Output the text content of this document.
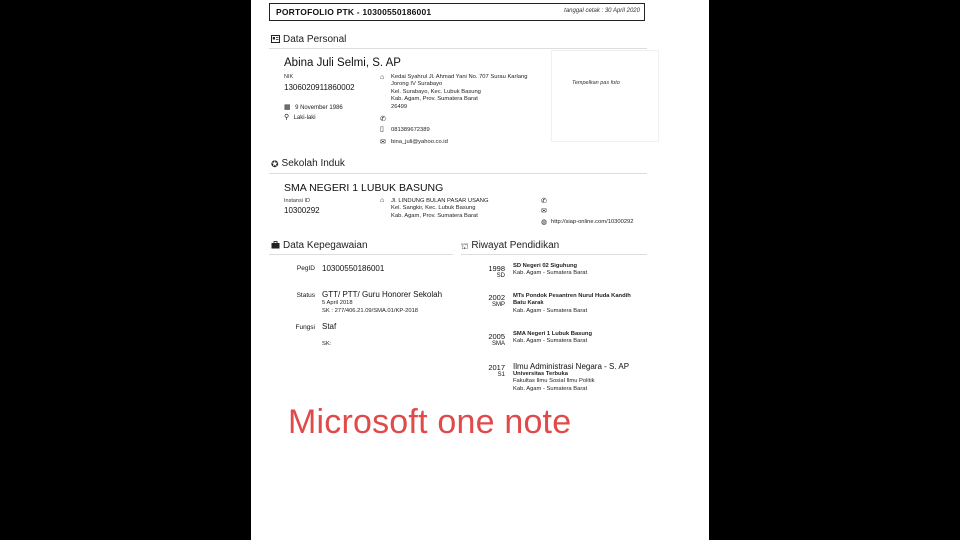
PORTOFOLIO PTK - 10300550186001	tanggal cetak : 30 April 2020
Data Personal
Abina Juli Selmi, S. AP
NIK
1306020911860002
▦ 9 November 1986
⚲ Laki-laki
⌂ Kedai Syahrul Jl. Ahmad Yani No. 707 Surau Karlang
Jorong IV Surabayo
Kel. Surabayo, Kec. Lubuk Basung
Kab. Agam, Prov. Sumatera Barat
26499
✆
▯ 081389672389
✉ bina_juli@yahoo.co.id
Tempelkan pas foto
✪ Sekolah Induk
SMA NEGERI 1 LUBUK BASUNG
Instansi ID
10300292
⌂ Jl. LINDUNG BULAN PASAR USANG
Kel. Sangkir, Kec. Lubuk Basung
Kab. Agam, Prov. Sumatera Barat
✆
✉
◍ http://siap-online.com/10300292
Data Kepegawaian
PegID 10300550186001
Status GTT/ PTT/ Guru Honorer Sekolah
5 April 2018
SK : 277/406.21.09/SMA.01/KP-2018
Fungsi Staf
SK:
⛫ Riwayat Pendidikan
1998
SD
SD Negeri 02 Siguhung
Kab. Agam - Sumatera Barat
2002
SMP
MTs Pondok Pesantren Nurul Huda Kandih
Batu Karak
Kab. Agam - Sumatera Barat
2005
SMA
SMA Negeri 1 Lubuk Basung
Kab. Agam - Sumatera Barat
2017
S1
Ilmu Administrasi Negara - S. AP
Universitas Terbuka
Fakultas Ilmu Sosial Ilmu Politik
Kab. Agam - Sumatera Barat
Microsoft one note
